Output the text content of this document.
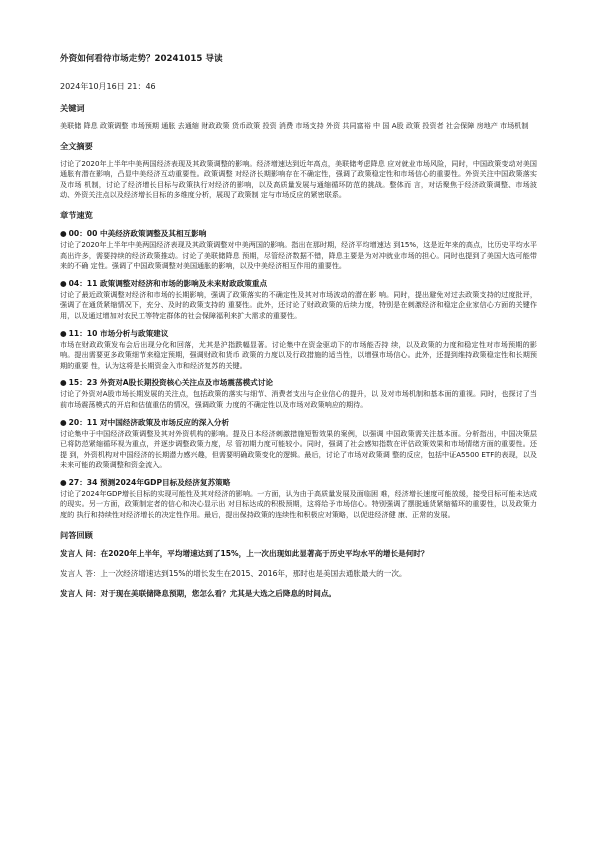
外资如何看待市场走势？20241015 导读
2024年10月16日 21：46
关键词
美联储 降息 政策调整 市场预期 通胀 去通缩 财政政策 货币政策 投资 消费 市场支持 外资 共同富裕 中 国 A股 政策 投资者 社会保障 房地产 市场机制
全文摘要
讨论了2020年上半年中美两国经济表现及其政策调整的影响。经济增速达到近年高点，美联储考虑降息 应对就业市场风险，同时，中国政策变动对美国通胀有潜在影响，凸显中美经济互动重要性。政策调整 对经济长期影响存在不确定性，强调了政策稳定性和市场信心的重要性。外资关注中国政策落实及市场 机制，讨论了经济增长目标与政策执行对经济的影响，以及高质量发展与通缩循环防范的挑战。整体而 言，对话聚焦于经济政策调整、市场波动、外资关注点以及经济增长目标的多维度分析，展现了政策制 定与市场反应的紧密联系。
章节速览
● 00：00 中美经济政策调整及其相互影响
讨论了2020年上半年中美两国经济表现及其政策调整对中美两国的影响。指出在那时期，经济平均增速达 到15%，这是近年来的高点，比历史平均水平高出许多，需要持续的经济政策推动。讨论了美联储降息 预期，尽管经济数据不错，降息主要是为对冲就业市场的担心。同时也提到了美国大选可能带来的不确 定性。强调了中国政策调整对美国通胀的影响，以及中美经济相互作用的重要性。
● 04：11 政策调整对经济和市场的影响及未来财政政策重点
讨论了最近政策调整对经济和市场的长期影响，强调了政策落实的不确定性及其对市场波动的潜在影 响。同时，提出避免对过去政策支持的过度批评，强调了在通货紧缩情况下，充分、及时的政策支持的 重要性。此外，还讨论了财政政策的后续力度，特别是在刺激经济和稳定企业家信心方面的关键作 用，以及通过增加对农民工等特定群体的社会保障福利来扩大需求的重要性。
● 11：10 市场分析与政策建议
市场在财政政策发布会后出现分化和回落，尤其是沪指跌幅显著。讨论集中在资金驱动下的市场能否持 续，以及政策的力度和稳定性对市场预期的影响。提出需要更多政策细节来稳定预期，强调财政和货币 政策的力度以及行政措施的适当性，以增强市场信心。此外，还提到维持政策稳定性和长期预期的重要 性，认为这将是长期资金入市和经济复苏的关键。
● 15：23 外资对A股长期投资核心关注点及市场震荡模式讨论
讨论了外资对A股市场长期发展的关注点，包括政策的落实与细节、消费者支出与企业信心的提升，以 及对市场机制和基本面的重视。同时，也探讨了当前市场震荡模式的开启和估值重估的情况，强调政策 力度的不确定性以及市场对政策响应的期待。
● 20：11 对中国经济政策及市场反应的深入分析
讨论集中于中国经济政策调整及其对外资机构的影响。提及日本经济刺激措施短暂效果的案例，以强调 中国政策需关注基本面。分析指出，中国决策层已将防范紧缩循环视为重点，并逐步调整政策力度，尽 管初期力度可能较小。同时，强调了社会感知指数在评估政策效果和市场情绪方面的重要性。还提 到，外资机构对中国经济的长期潜力感兴趣，但需要明确政策变化的逻辑。最后，讨论了市场对政策调 整的反应，包括中证A5500 ETF的表现，以及未来可能的政策调整和资金流入。
● 27：34 预测2024年GDP目标及经济复苏策略
讨论了2024年GDP增长目标的实现可能性及其对经济的影响。一方面，认为由于高质量发展及面临困 难，经济增长速度可能放缓，接受目标可能未达成的现实。另一方面，政策制定者的信心和决心显示出 对目标达成的积极预期，这将给予市场信心。特别强调了摆脱通货紧缩循环的重要性，以及政策力度的 执行和持续性对经济增长的决定性作用。最后，提出保持政策的连续性和积极应对策略，以促进经济健 康、正常的发展。
问答回顾
发言人 问：在2020年上半年，平均增速达到了15%，上一次出现如此显著高于历史平均水平的增长是何时？
发言人 答：上一次经济增速达到15%的增长发生在2015、2016年，那时也是美国去通胀最大的一次。
发言人 问：对于现在美联储降息预期，您怎么看？尤其是大选之后降息的时间点。
